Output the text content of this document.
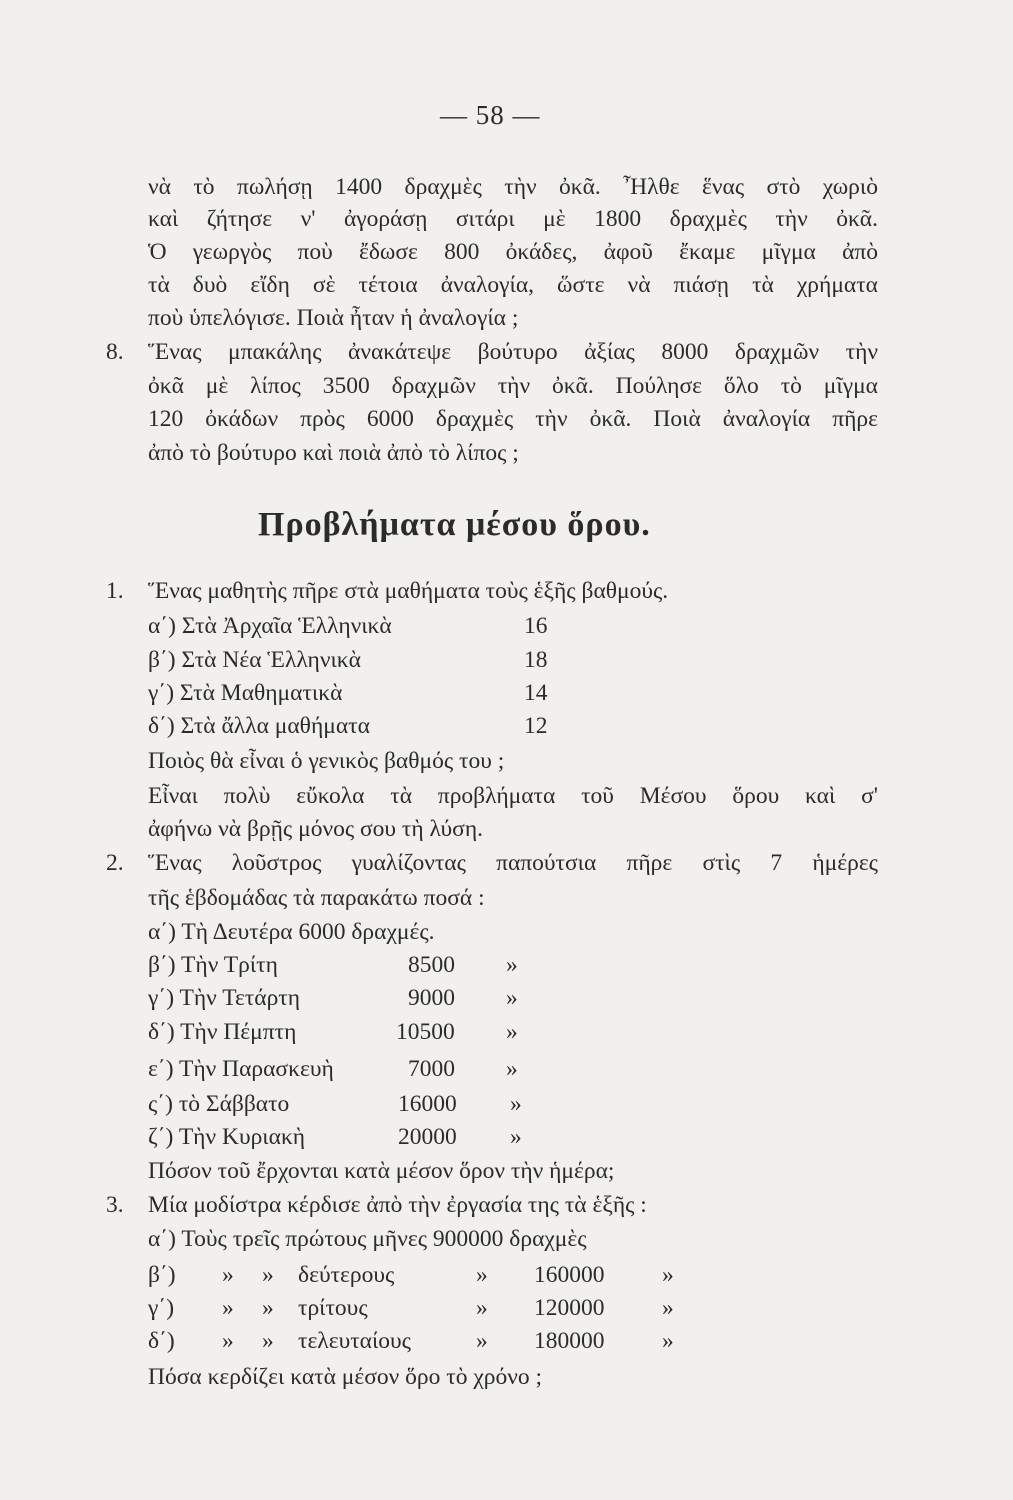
— 58 —
νὰ τὸ πωλήσῃ 1400 δραχμὲς τὴν ὀκᾶ. Ἦλθε ἕνας στὸ χωριὸ
καὶ ζήτησε ν' ἀγοράσῃ σιτάρι μὲ 1800 δραχμὲς τὴν ὀκᾶ.
Ὁ γεωργὸς ποὺ ἔδωσε 800 ὀκάδες, ἀφοῦ ἔκαμε μῖγμα ἀπὸ
τὰ δυὸ εἴδη σὲ τέτοια ἀναλογία, ὥστε νὰ πιάσῃ τὰ χρήματα
ποὺ ὑπελόγισε. Ποιὰ ἦταν ἡ ἀναλογία ;
8. Ἕνας μπακάλης ἀνακάτεψε βούτυρο ἀξίας 8000 δραχμῶν τὴν
ὀκᾶ μὲ λίπος 3500 δραχμῶν τὴν ὀκᾶ. Πούλησε ὅλο τὸ μῖγμα
120 ὀκάδων πρὸς 6000 δραχμὲς τὴν ὀκᾶ. Ποιὰ ἀναλογία πῆρε
ἀπὸ τὸ βούτυρο καὶ ποιὰ ἀπὸ τὸ λίπος ;
Προβλήματα μέσου ὅρου.
1. Ἕνας μαθητὴς πῆρε στὰ μαθήματα τοὺς ἑξῆς βαθμούς.
α΄) Στὰ Ἀρχαῖα Ἑλληνικὰ	16
β΄) Στὰ Νέα Ἑλληνικὰ	18
γ΄) Στὰ Μαθηματικὰ	14
δ΄) Στὰ ἄλλα μαθήματα	12
Ποιὸς θὰ εἶναι ὁ γενικὸς βαθμός του ;
Εἶναι πολὺ εὔκολα τὰ προβλήματα τοῦ Μέσου ὅρου καὶ σ'
ἀφήνω νὰ βρῇς μόνος σου τὴ λύση.
2. Ἕνας λοῦστρος γυαλίζοντας παπούτσια πῆρε στὶς 7 ἡμέρες
τῆς ἑβδομάδας τὰ παρακάτω ποσά :
α΄) Τὴ Δευτέρα 6000 δραχμές.
β΄) Τὴν Τρίτη	8500 »
γ΄) Τὴν Τετάρτη	9000 »
δ΄) Τὴν Πέμπτη	10500 »
ε΄) Τὴν Παρασκευὴ	7000 »
ς΄) τὸ Σάββατο	16000 »
ζ΄) Τὴν Κυριακὴ	20000 »
Πόσον τοῦ ἔρχονται κατὰ μέσον ὅρον τὴν ἡμέρα;
3. Μία μοδίστρα κέρδισε ἀπὸ τὴν ἐργασία της τὰ ἑξῆς :
α΄) Τοὺς τρεῖς πρώτους μῆνες 900000 δραχμὲς
β΄) » » δεύτερους	» 160000 »
γ΄) » » τρίτους	» 120000 »
δ΄) » » τελευταίους	» 180000 »
Πόσα κερδίζει κατὰ μέσον ὅρο τὸ χρόνο ;
